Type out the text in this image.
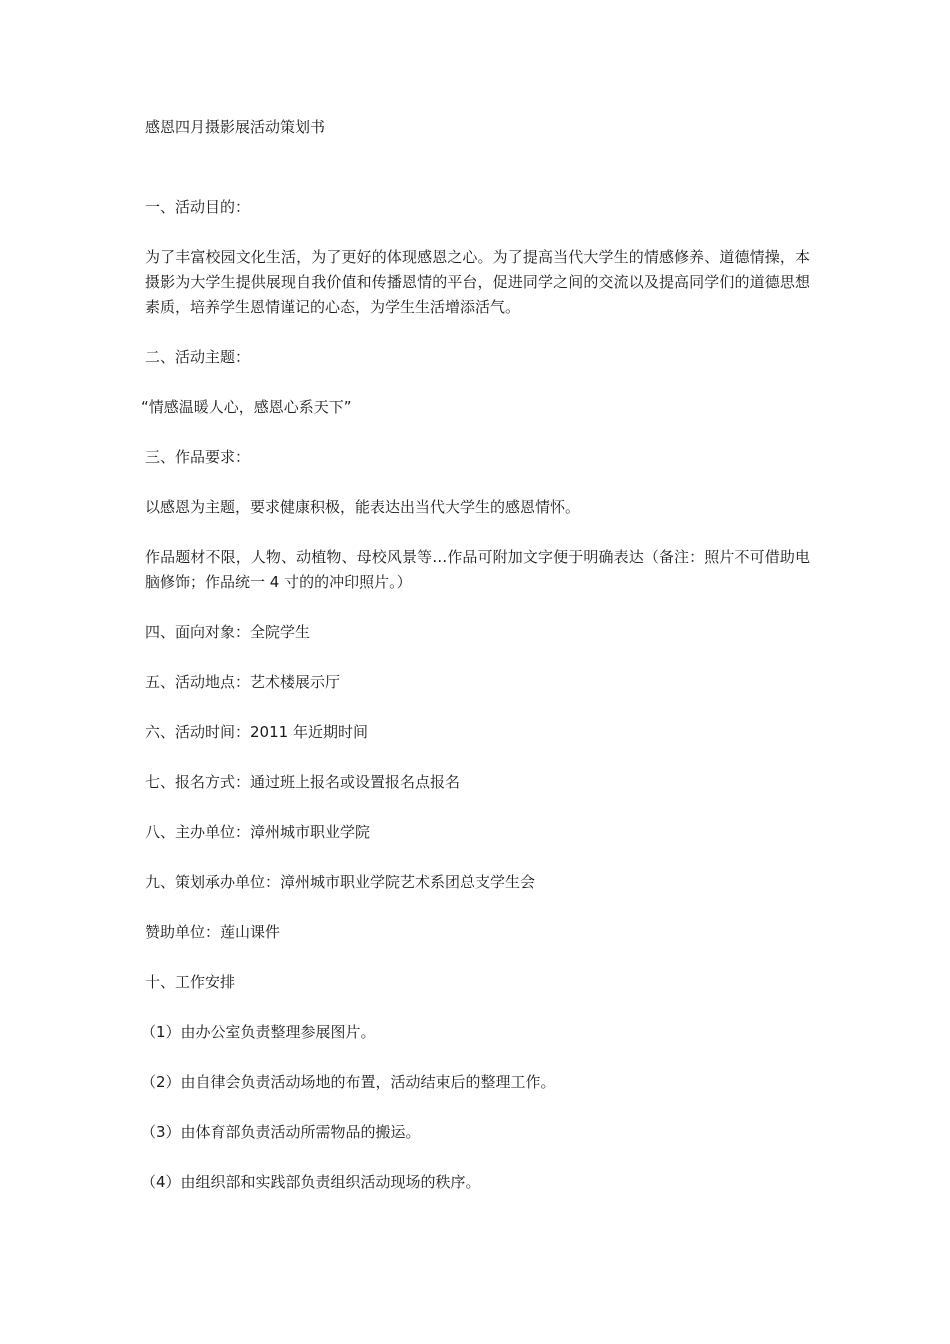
感恩四月摄影展活动策划书

一、活动目的：

为了丰富校园文化生活，为了更好的体现感恩之心。为了提高当代大学生的情感修养、道德情操，本摄影为大学生提供展现自我价值和传播恩情的平台，促进同学之间的交流以及提高同学们的道德思想素质，培养学生恩情谨记的心态，为学生生活增添活气。

二、活动主题：

“情感温暖人心，感恩心系天下”

三、作品要求：

以感恩为主题，要求健康积极，能表达出当代大学生的感恩情怀。

作品题材不限，人物、动植物、母校风景等…作品可附加文字便于明确表达（备注：照片不可借助电脑修饰；作品统一 4 寸的的冲印照片。）

四、面向对象：全院学生

五、活动地点：艺术楼展示厅

六、活动时间：2011 年近期时间

七、报名方式：通过班上报名或设置报名点报名

八、主办单位：漳州城市职业学院

九、策划承办单位：漳州城市职业学院艺术系团总支学生会

赞助单位：莲山课件

十、工作安排

（1）由办公室负责整理参展图片。

（2）由自律会负责活动场地的布置，活动结束后的整理工作。

（3）由体育部负责活动所需物品的搬运。

（4）由组织部和实践部负责组织活动现场的秩序。
